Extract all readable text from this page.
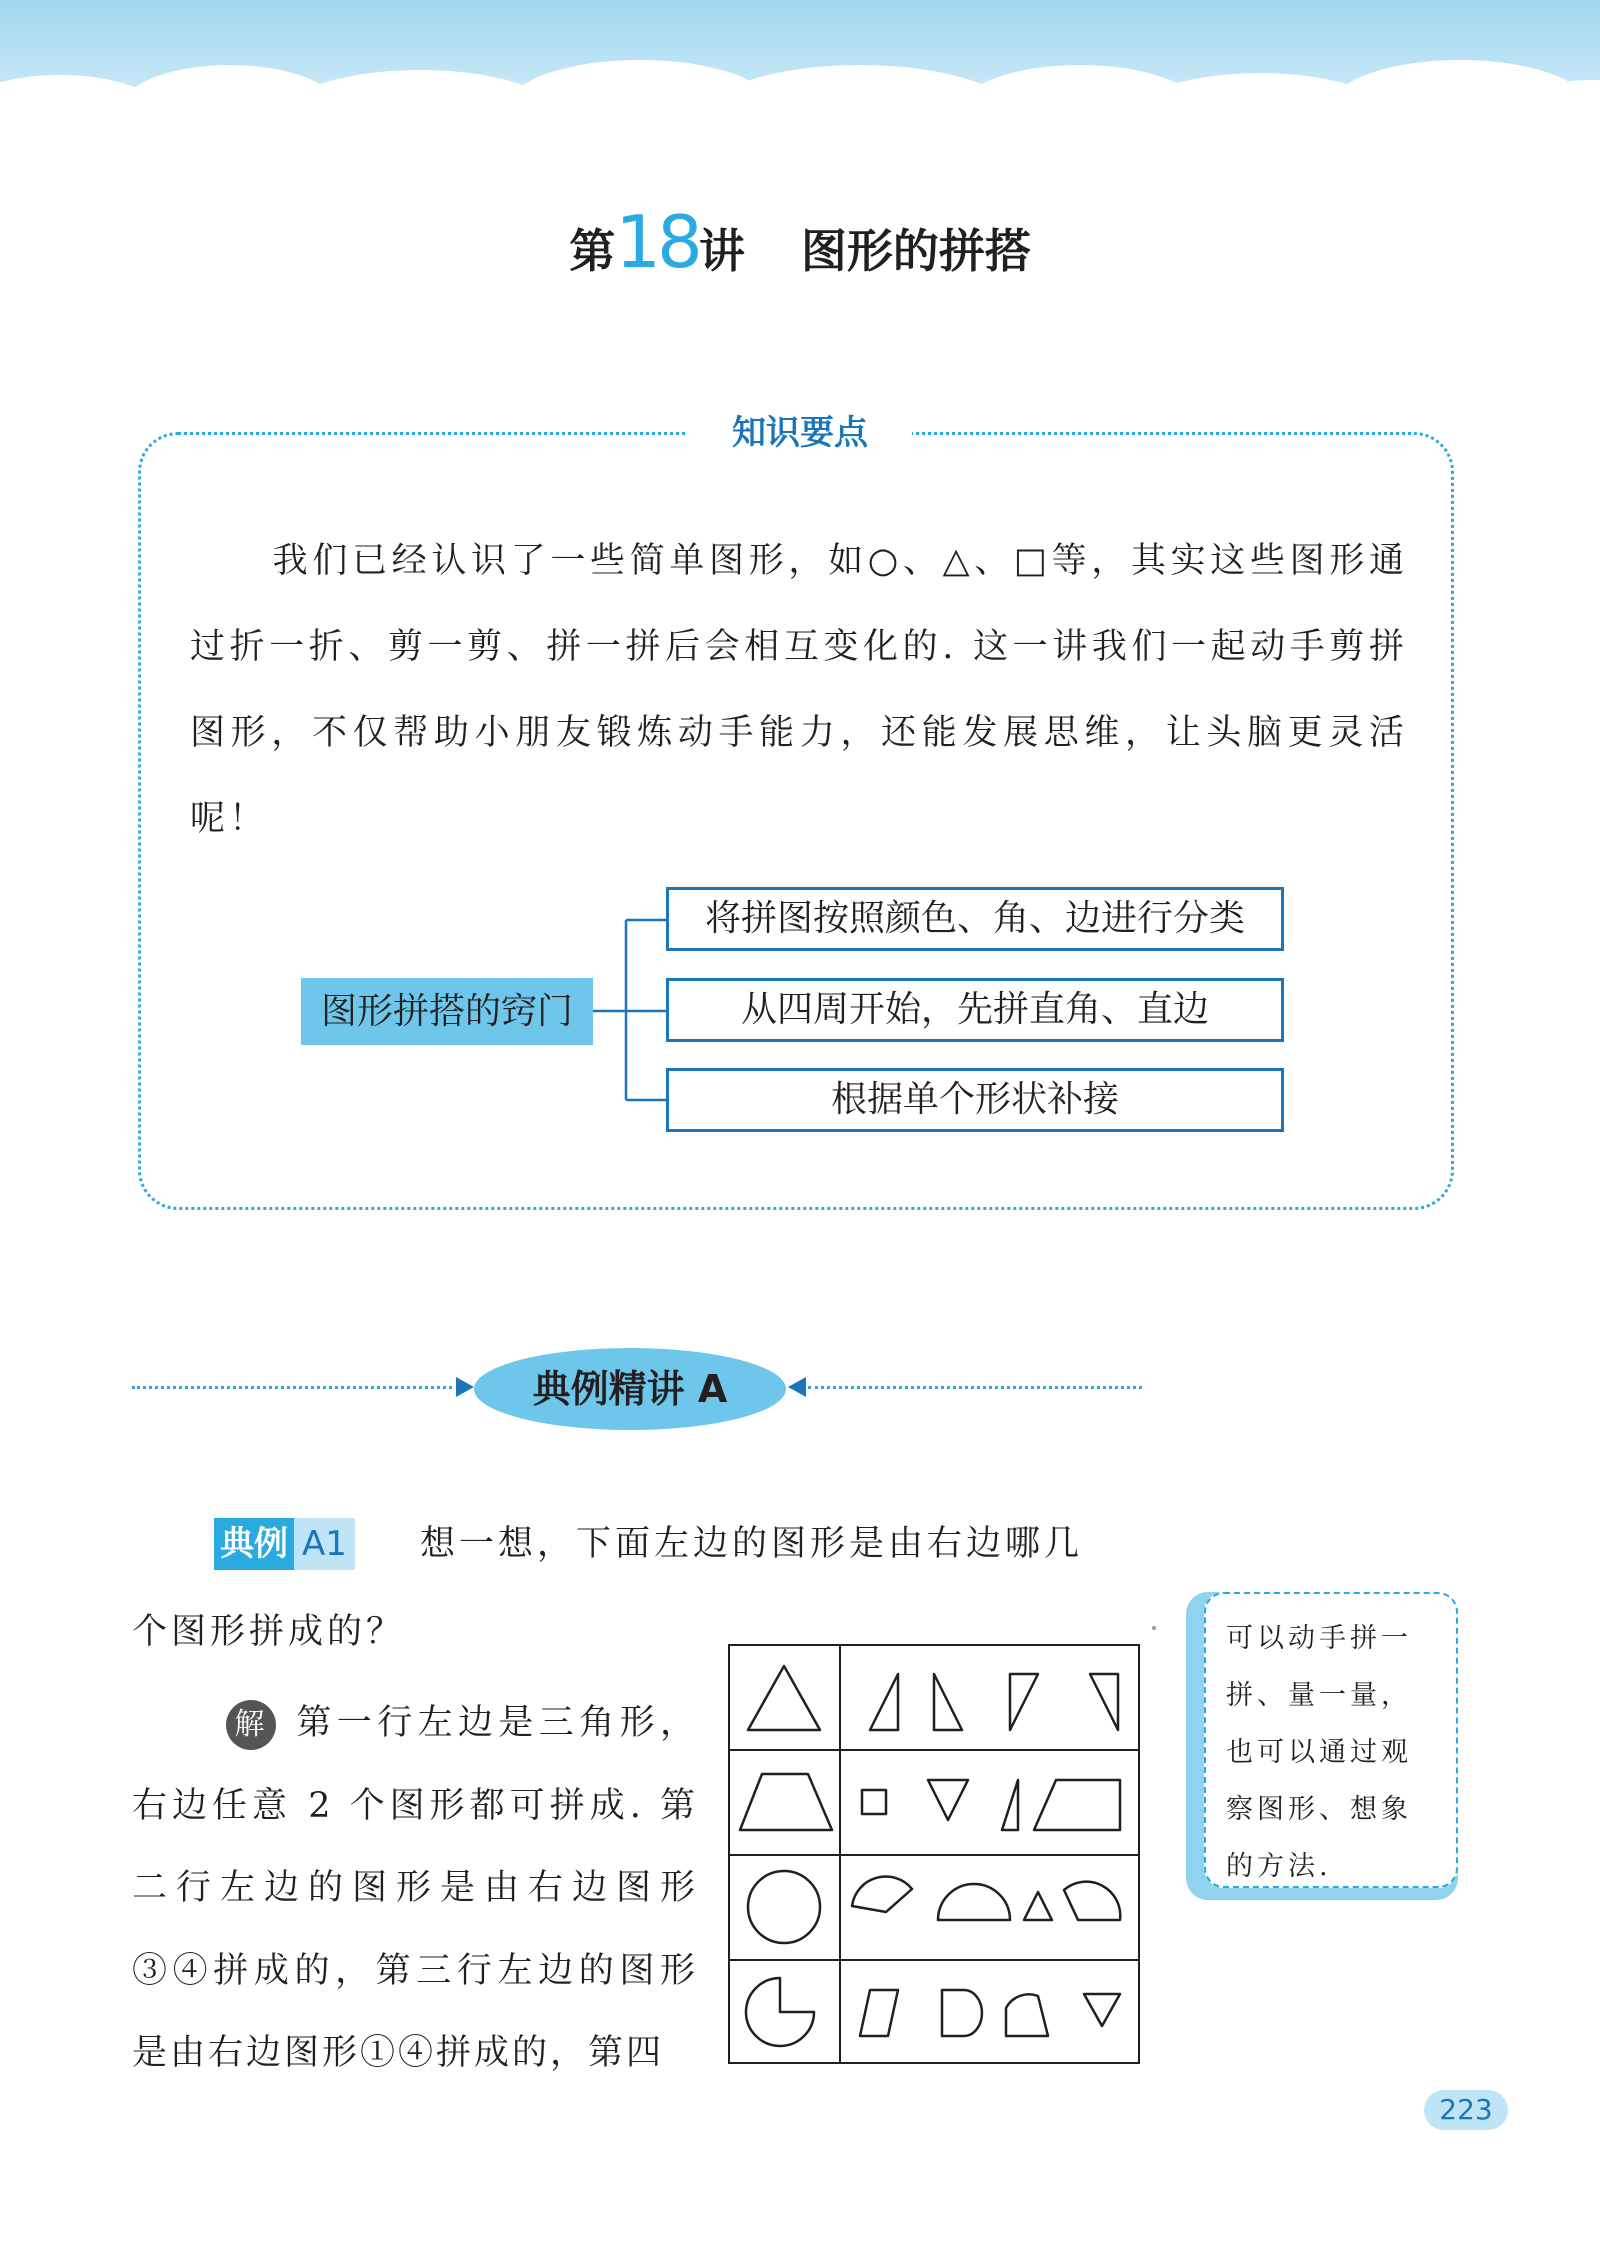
第18讲 图形的拼搭
知识要点
我们已经认识了一些简单图形，如○、△、□等，其实这些图形通过折一折、剪一剪、拼一拼后会相互变化的. 这一讲我们一起动手剪拼图形，不仅帮助小朋友锻炼动手能力，还能发展思维，让头脑更灵活呢！
图形拼搭的窍门
将拼图按照颜色、角、边进行分类
从四周开始，先拼直角、直边
根据单个形状补接
典例精讲 A
典例 A1 想一想，下面左边的图形是由右边哪几
个图形拼成的？
解 第一行左边是三角形，右边任意 2 个图形都可拼成. 第二行左边的图形是由右边图形③④拼成的，第三行左边的图形是由右边图形①④拼成的，第四
可以动手拼一拼、量一量，也可以通过观察图形、想象的方法.
223
